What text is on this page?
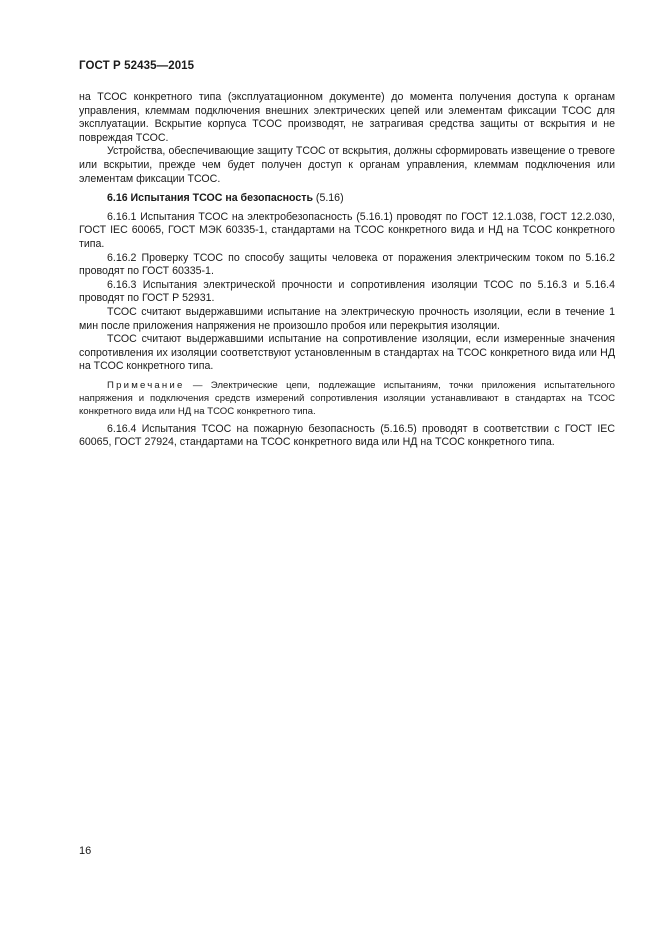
ГОСТ Р 52435—2015

на ТСОС конкретного типа (эксплуатационном документе) до момента получения доступа к органам управления, клеммам подключения внешних электрических цепей или элементам фиксации ТСОС для эксплуатации. Вскрытие корпуса ТСОС производят, не затрагивая средства защиты от вскрытия и не повреждая ТСОС.

Устройства, обеспечивающие защиту ТСОС от вскрытия, должны сформировать извещение о тревоге или вскрытии, прежде чем будет получен доступ к органам управления, клеммам подключения или элементам фиксации ТСОС.

6.16 Испытания ТСОС на безопасность (5.16)

6.16.1 Испытания ТСОС на электробезопасность (5.16.1) проводят по ГОСТ 12.1.038, ГОСТ 12.2.030, ГОСТ IEC 60065, ГОСТ МЭК 60335-1, стандартами на ТСОС конкретного вида и НД на ТСОС конкретного типа.

6.16.2 Проверку ТСОС по способу защиты человека от поражения электрическим током по 5.16.2 проводят по ГОСТ 60335-1.

6.16.3 Испытания электрической прочности и сопротивления изоляции ТСОС по 5.16.3 и 5.16.4 проводят по ГОСТ Р 52931.

ТСОС считают выдержавшими испытание на электрическую прочность изоляции, если в течение 1 мин после приложения напряжения не произошло пробоя или перекрытия изоляции.

ТСОС считают выдержавшими испытание на сопротивление изоляции, если измеренные значения сопротивления их изоляции соответствуют установленным в стандартах на ТСОС конкретного вида или НД на ТСОС конкретного типа.

Примечание — Электрические цепи, подлежащие испытаниям, точки приложения испытательного напряжения и подключения средств измерений сопротивления изоляции устанавливают в стандартах на ТСОС конкретного вида или НД на ТСОС конкретного типа.

6.16.4 Испытания ТСОС на пожарную безопасность (5.16.5) проводят в соответствии с ГОСТ IEC 60065, ГОСТ 27924, стандартами на ТСОС конкретного вида или НД на ТСОС конкретного типа.

16
